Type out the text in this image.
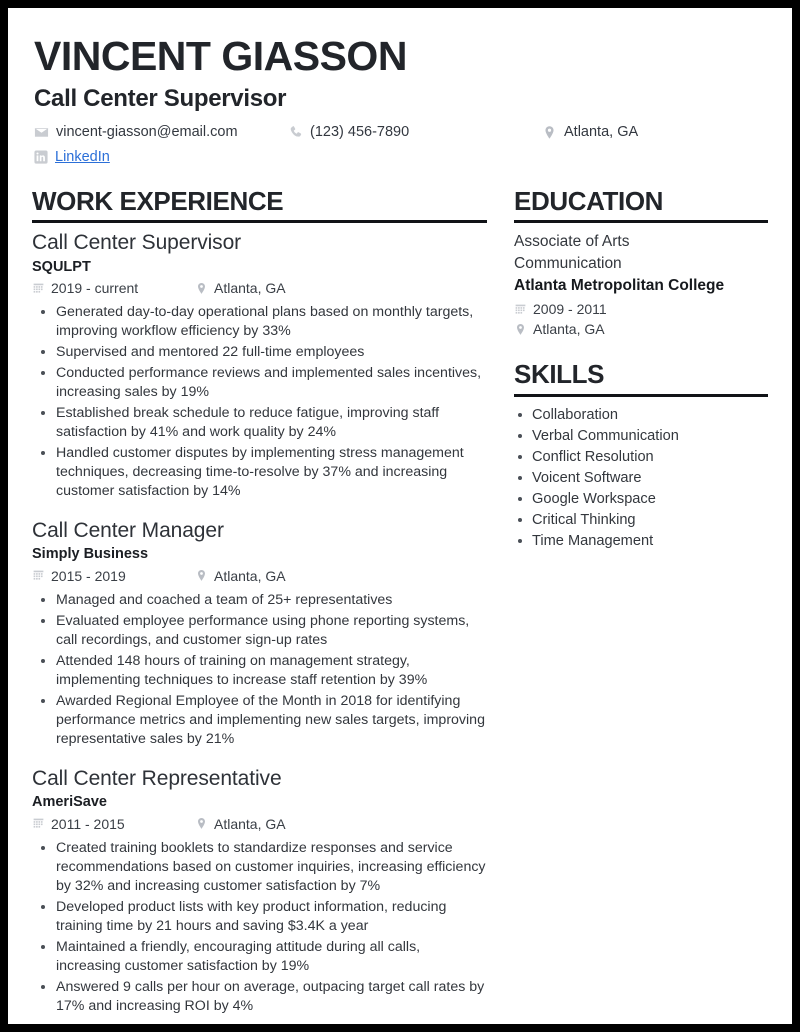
VINCENT GIASSON
Call Center Supervisor
vincent-giasson@email.com	(123) 456-7890	Atlanta, GA
LinkedIn
WORK EXPERIENCE
Call Center Supervisor
SQULPT
2019 - current	Atlanta, GA
Generated day-to-day operational plans based on monthly targets, improving workflow efficiency by 33%
Supervised and mentored 22 full-time employees
Conducted performance reviews and implemented sales incentives, increasing sales by 19%
Established break schedule to reduce fatigue, improving staff satisfaction by 41% and work quality by 24%
Handled customer disputes by implementing stress management techniques, decreasing time-to-resolve by 37% and increasing customer satisfaction by 14%
Call Center Manager
Simply Business
2015 - 2019	Atlanta, GA
Managed and coached a team of 25+ representatives
Evaluated employee performance using phone reporting systems, call recordings, and customer sign-up rates
Attended 148 hours of training on management strategy, implementing techniques to increase staff retention by 39%
Awarded Regional Employee of the Month in 2018 for identifying performance metrics and implementing new sales targets, improving representative sales by 21%
Call Center Representative
AmeriSave
2011 - 2015	Atlanta, GA
Created training booklets to standardize responses and service recommendations based on customer inquiries, increasing efficiency by 32% and increasing customer satisfaction by 7%
Developed product lists with key product information, reducing training time by 21 hours and saving $3.4K a year
Maintained a friendly, encouraging attitude during all calls, increasing customer satisfaction by 19%
Answered 9 calls per hour on average, outpacing target call rates by 17% and increasing ROI by 4%
EDUCATION
Associate of Arts
Communication
Atlanta Metropolitan College
2009 - 2011
Atlanta, GA
SKILLS
Collaboration
Verbal Communication
Conflict Resolution
Voicent Software
Google Workspace
Critical Thinking
Time Management
